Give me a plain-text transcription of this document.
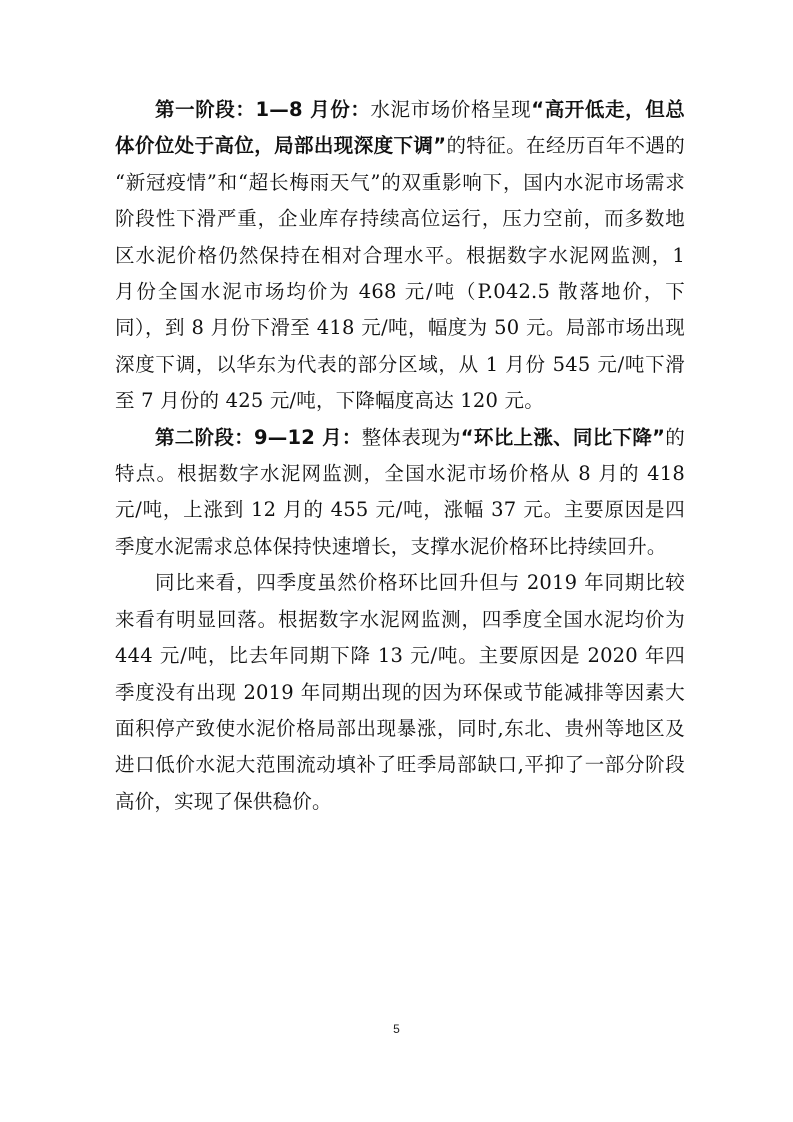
第一阶段：1—8 月份：水泥市场价格呈现“高开低走，但总体价位处于高位，局部出现深度下调”的特征。在经历百年不遇的 “新冠疫情”和“超长梅雨天气”的双重影响下，国内水泥市场需求阶段性下滑严重，企业库存持续高位运行，压力空前，而多数地区水泥价格仍然保持在相对合理水平。根据数字水泥网监测，1 月份全国水泥市场均价为 468 元/吨（P.042.5 散落地价，下同），到 8 月份下滑至 418 元/吨，幅度为 50 元。局部市场出现深度下调，以华东为代表的部分区域，从 1 月份 545 元/吨下滑至 7 月份的 425 元/吨，下降幅度高达 120 元。

第二阶段：9—12 月：整体表现为“环比上涨、同比下降”的特点。根据数字水泥网监测，全国水泥市场价格从 8 月的 418 元/吨，上涨到 12 月的 455 元/吨，涨幅 37 元。主要原因是四季度水泥需求总体保持快速增长，支撑水泥价格环比持续回升。

同比来看，四季度虽然价格环比回升但与 2019 年同期比较来看有明显回落。根据数字水泥网监测，四季度全国水泥均价为 444 元/吨，比去年同期下降 13 元/吨。主要原因是 2020 年四季度没有出现 2019 年同期出现的因为环保或节能减排等因素大面积停产致使水泥价格局部出现暴涨，同时,东北、贵州等地区及进口低价水泥大范围流动填补了旺季局部缺口,平抑了一部分阶段高价，实现了保供稳价。

5
